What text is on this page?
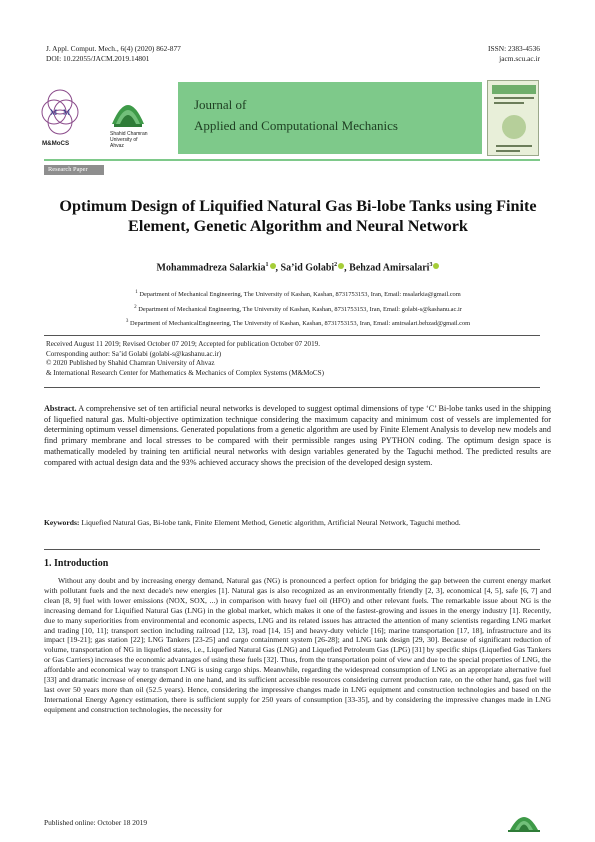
J. Appl. Comput. Mech., 6(4) (2020) 862-877
DOI: 10.22055/JACM.2019.14801
ISSN: 2383-4536
jacm.scu.ac.ir
M M
M&MoCS
Shahid Chamran University of Ahvaz
Journal of
Applied and Computational Mechanics
Research Paper
Optimum Design of Liquified Natural Gas Bi-lobe Tanks using Finite Element, Genetic Algorithm and Neural Network
Mohammadreza Salarkia$^1$ , Sa’id Golabi$^2$ , Behzad Amirsalari$^3$
$^1$ Department of Mechanical Engineering, The University of Kashan, Kashan, 8731753153, Iran, Email: msalarkia@gmail.com
$^2$ Department of Mechanical Engineering, The University of Kashan, Kashan, 8731753153, Iran, Email: golabi-s@kashanu.ac.ir
$^3$ Department of MechanicalEngineering, The University of Kashan, Kashan, 8731753153, Iran, Email: amirsalari.behzad@gmail.com
Received August 11 2019; Revised October 07 2019; Accepted for publication October 07 2019.
Corresponding author: Sa’id Golabi (golabi-s@kashanu.ac.ir)
© 2020 Published by Shahid Chamran University of Ahvaz
& International Research Center for Mathematics & Mechanics of Complex Systems (M&MoCS)
Abstract. A comprehensive set of ten artificial neural networks is developed to suggest optimal dimensions of type ‘C’ Bi-lobe tanks used in the shipping of liquefied natural gas. Multi-objective optimization technique considering the maximum capacity and minimum cost of vessels are implemented for determining optimum vessel dimensions. Generated populations from a genetic algorithm are used by Finite Element Analysis to develop new models and find primary membrane and local stresses to be compared with their permissible ranges using PYTHON coding. The optimum design space is mathematically modeled by training ten artificial neural networks with design variables generated by the Taguchi method. The predicted results are compared with actual design data and the 93% achieved accuracy shows the precision of the developed design system.
Keywords: Liquefied Natural Gas, Bi-lobe tank, Finite Element Method, Genetic algorithm, Artificial Neural Network, Taguchi method.
1. Introduction
Without any doubt and by increasing energy demand, Natural gas (NG) is pronounced a perfect option for bridging the gap between the current energy market with pollutant fuels and the next decade's new energies [1]. Natural gas is also recognized as an environmentally friendly [2, 3], economical [4, 5], safe [6, 7] and clean [8, 9] fuel with lower emissions (NOX, SOX, ...) in comparison with heavy fuel oil (HFO) and other relevant fuels. The remarkable issue about NG is the increasing demand for Liquified Natural Gas (LNG) in the global market, which makes it one of the fastest-growing and issues in the energy industry [1]. Recently, due to many superiorities from environmental and economic aspects, LNG and its related issues has attracted the attention of many scientists regarding LNG market and trading [10, 11]; transport section including railroad [12, 13], road [14, 15] and heavy-duty vehicle [16]; marine transportation [17, 18], infrastructure and its impact [19-21]; gas station [22]; LNG Tankers [23-25] and cargo containment system [26-28]; and LNG tank design [29, 30]. Because of significant reduction of volume, transportation of NG in liquefied states, i.e., Liquefied Natural Gas (LNG) and Liquefied Petroleum Gas (LPG) [31] by specific ships (Liquefied Gas Tankers or Gas Carriers) increases the economic advantages of using these fuels [32]. Thus, from the transportation point of view and due to the special properties of LNG, the affordable and economical way to transport LNG is using cargo ships. Meanwhile, regarding the widespread consumption of LNG as an appropriate alternative fuel [33] and dramatic increase of energy demand in one hand, and its sufficient accessible resources considering current production rate, on the other hand, gas fuel will last over 50 years more than oil (52.5 years). Hence, considering the impressive changes made in LNG equipment and construction technologies and based on the International Energy Agency estimation, there is sufficient supply for 250 years of consumption [33-35], and by considering the impressive changes made in LNG equipment and construction technologies, the necessity for
Published online: October 18 2019
